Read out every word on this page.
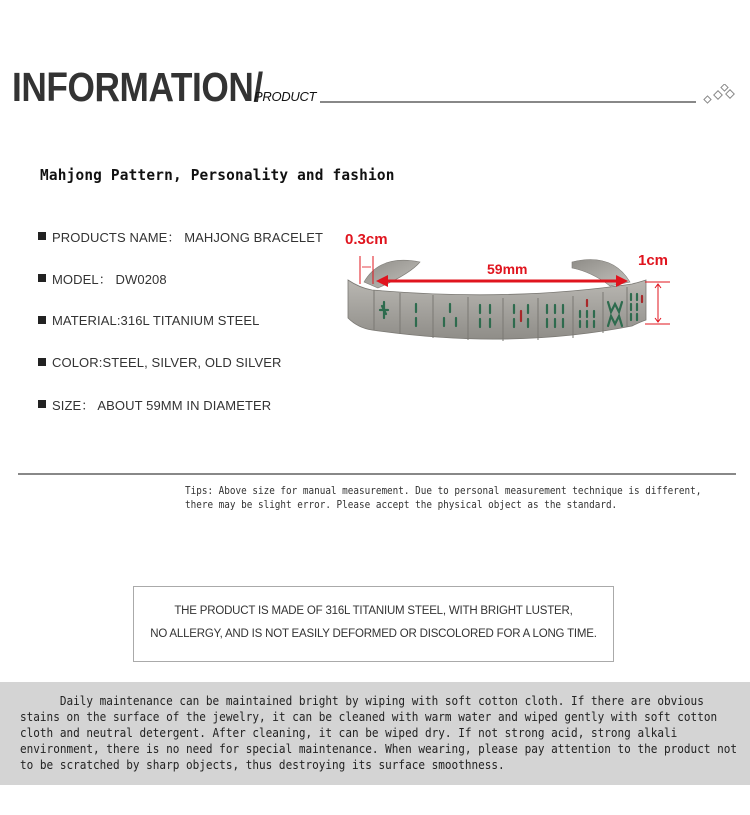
INFORMATION/
PRODUCT
Mahjong Pattern, Personality and fashion
PRODUCTS NAME： MAHJONG BRACELET
MODEL： DW0208
MATERIAL:316L TITANIUM STEEL
COLOR:STEEL, SILVER, OLD SILVER
SIZE： ABOUT 59MM IN DIAMETER
0.3cm
59mm	1cm
Tips: Above size for manual measurement. Due to personal measurement technique is different,
there may be slight error. Please accept the physical object as the standard.

THE PRODUCT IS MADE OF 316L TITANIUM STEEL, WITH BRIGHT LUSTER,

NO ALLERGY, AND IS NOT EASILY DEFORMED OR DISCOLORED FOR A LONG TIME.

Daily maintenance can be maintained bright by wiping with soft cotton cloth. If there are obvious
stains on the surface of the jewelry, it can be cleaned with warm water and wiped gently with soft cotton
cloth and neutral detergent. After cleaning, it can be wiped dry. If not strong acid, strong alkali
environment, there is no need for special maintenance. When wearing, please pay attention to the product not
to be scratched by sharp objects, thus destroying its surface smoothness.
